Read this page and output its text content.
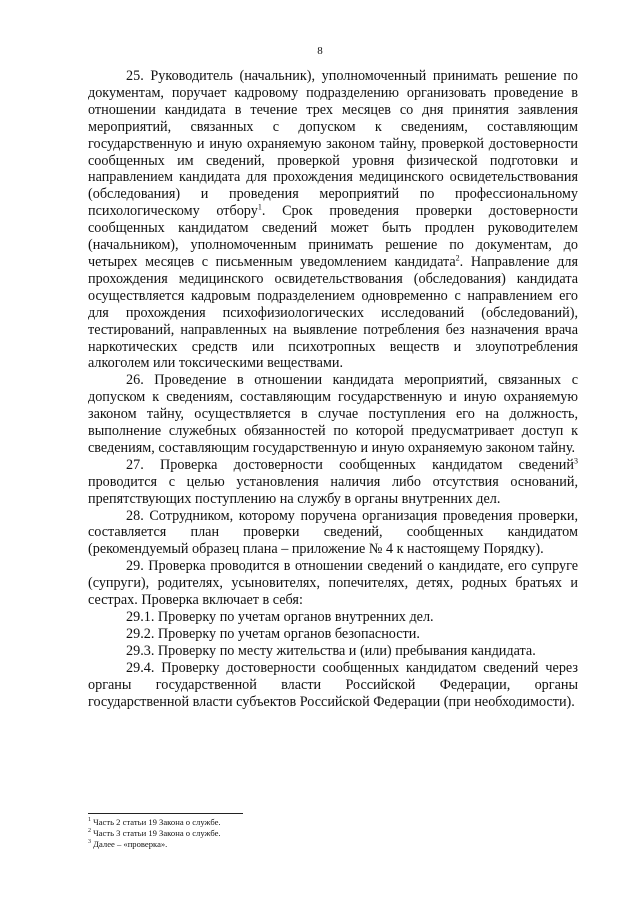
8

25. Руководитель (начальник), уполномоченный принимать решение по документам, поручает кадровому подразделению организовать проведение в отношении кандидата в течение трех месяцев со дня принятия заявления мероприятий, связанных с допуском к сведениям, составляющим государственную и иную охраняемую законом тайну, проверкой достоверности сообщенных им сведений, проверкой уровня физической подготовки и направлением кандидата для прохождения медицинского освидетельствования (обследования) и проведения мероприятий по профессиональному психологическому отбору$^1$. Срок проведения проверки достоверности сообщенных кандидатом сведений может быть продлен руководителем (начальником), уполномоченным принимать решение по документам, до четырех месяцев с письменным уведомлением кандидата$^2$. Направление для прохождения медицинского освидетельствования (обследования) кандидата осуществляется кадровым подразделением одновременно с направлением его для прохождения психофизиологических исследований (обследований), тестирований, направленных на выявление потребления без назначения врача наркотических средств или психотропных веществ и злоупотребления алкоголем или токсическими веществами.

26. Проведение в отношении кандидата мероприятий, связанных с допуском к сведениям, составляющим государственную и иную охраняемую законом тайну, осуществляется в случае поступления его на должность, выполнение служебных обязанностей по которой предусматривает доступ к сведениям, составляющим государственную и иную охраняемую законом тайну.

27. Проверка достоверности сообщенных кандидатом сведений$^3$ проводится с целью установления наличия либо отсутствия оснований, препятствующих поступлению на службу в органы внутренних дел.

28. Сотрудником, которому поручена организация проведения проверки, составляется план проверки сведений, сообщенных кандидатом (рекомендуемый образец плана – приложение № 4 к настоящему Порядку).

29. Проверка проводится в отношении сведений о кандидате, его супруге (супруги), родителях, усыновителях, попечителях, детях, родных братьях и сестрах. Проверка включает в себя:

29.1. Проверку по учетам органов внутренних дел.

29.2. Проверку по учетам органов безопасности.

29.3. Проверку по месту жительства и (или) пребывания кандидата.

29.4. Проверку достоверности сообщенных кандидатом сведений через органы государственной власти Российской Федерации, органы государственной власти субъектов Российской Федерации (при необходимости).

$^1$ Часть 2 статьи 19 Закона о службе.
$^2$ Часть 3 статьи 19 Закона о службе.
$^3$ Далее – «проверка».
